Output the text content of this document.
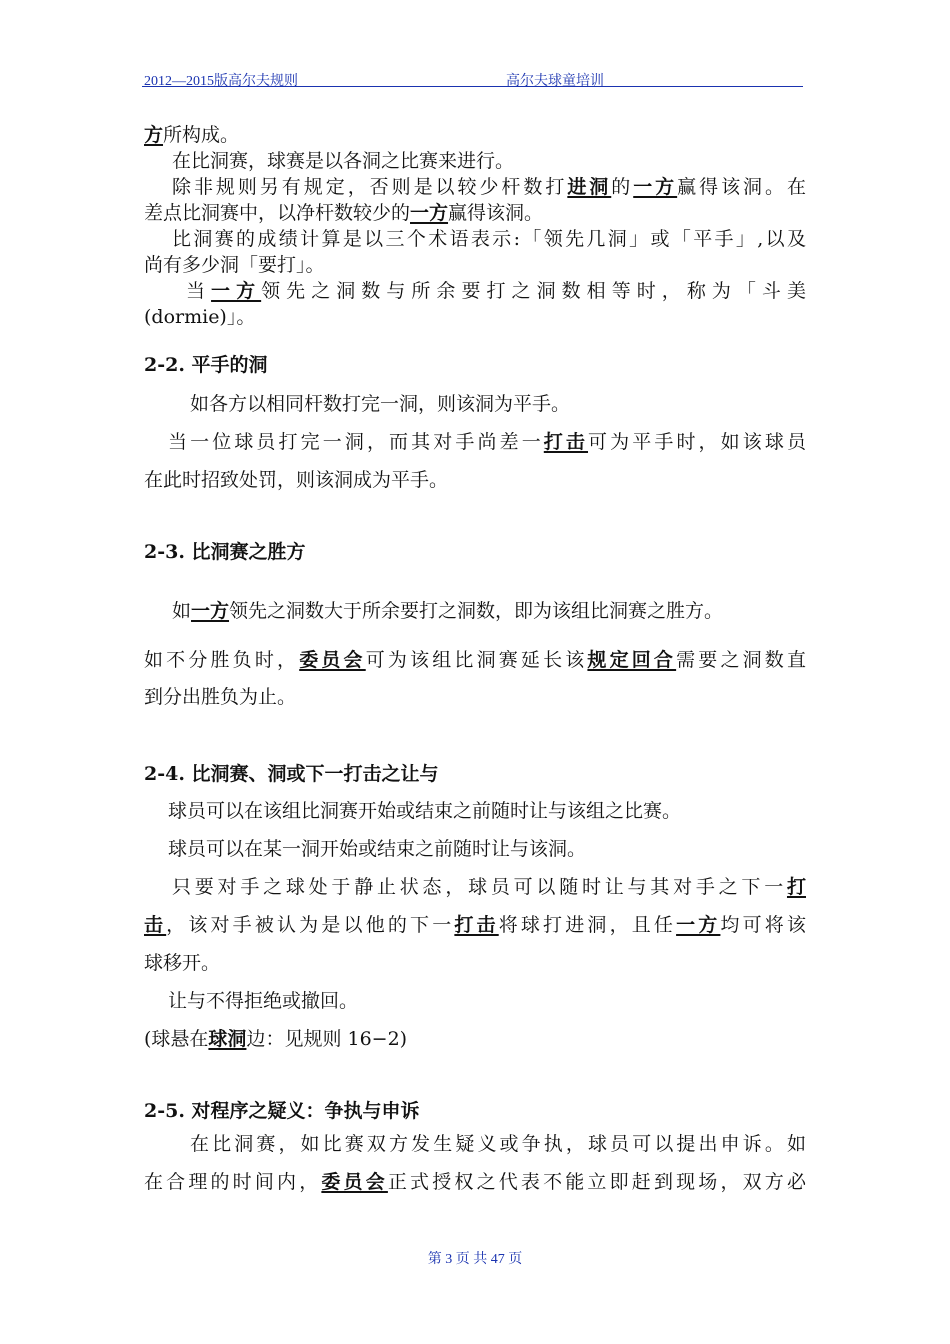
2012—2015版高尔夫规则	高尔夫球童培训
方所构成。
在比洞赛，球赛是以各洞之比赛来进行。
除非规则另有规定，否则是以较少杆数打进洞的一方赢得该洞。在
差点比洞赛中，以净杆数较少的一方赢得该洞。
比洞赛的成绩计算是以三个术语表示:「领先几洞」或「平手」,以及
尚有多少洞「要打」。
当一方领先之洞数与所余要打之洞数相等时，称为「斗美
(dormie)」。
2-2. 平手的洞
如各方以相同杆数打完一洞，则该洞为平手。
当一位球员打完一洞，而其对手尚差一打击可为平手时，如该球员
在此时招致处罚，则该洞成为平手。
2-3. 比洞赛之胜方
如一方领先之洞数大于所余要打之洞数，即为该组比洞赛之胜方。
如不分胜负时，委员会可为该组比洞赛延长该规定回合需要之洞数直
到分出胜负为止。
2-4. 比洞赛、洞或下一打击之让与
球员可以在该组比洞赛开始或结束之前随时让与该组之比赛。
球员可以在某一洞开始或结束之前随时让与该洞。
只要对手之球处于静止状态，球员可以随时让与其对手之下一打
击，该对手被认为是以他的下一打击将球打进洞，且任一方均可将该
球移开。
让与不得拒绝或撤回。
(球悬在球洞边：见规则 16−2)
2-5. 对程序之疑义：争执与申诉
在比洞赛，如比赛双方发生疑义或争执，球员可以提出申诉。如
在合理的时间内，委员会正式授权之代表不能立即赶到现场，双方必
第 3 页 共 47 页
